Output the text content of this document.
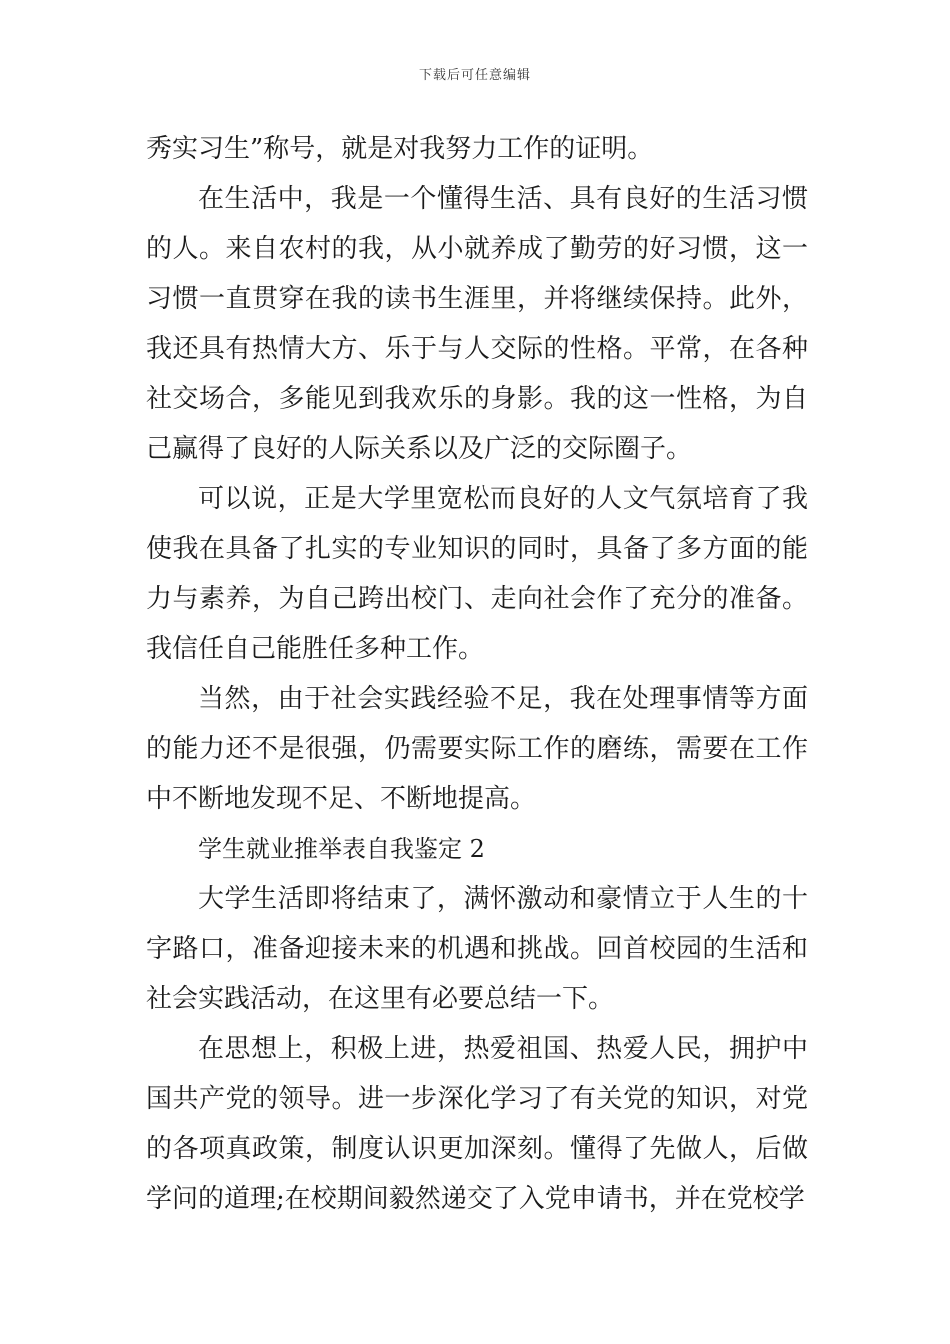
下载后可任意编辑

秀实习生”称号，就是对我努力工作的证明。

在生活中，我是一个懂得生活、具有良好的生活习惯的人。来自农村的我，从小就养成了勤劳的好习惯，这一习惯一直贯穿在我的读书生涯里，并将继续保持。此外，我还具有热情大方、乐于与人交际的性格。平常，在各种社交场合，多能见到我欢乐的身影。我的这一性格，为自己赢得了良好的人际关系以及广泛的交际圈子。

可以说，正是大学里宽松而良好的人文气氛培育了我使我在具备了扎实的专业知识的同时，具备了多方面的能力与素养，为自己跨出校门、走向社会作了充分的准备。我信任自己能胜任多种工作。

当然，由于社会实践经验不足，我在处理事情等方面的能力还不是很强，仍需要实际工作的磨练，需要在工作中不断地发现不足、不断地提高。

学生就业推举表自我鉴定 2

大学生活即将结束了，满怀激动和豪情立于人生的十字路口，准备迎接未来的机遇和挑战。回首校园的生活和社会实践活动，在这里有必要总结一下。

在思想上，积极上进，热爱祖国、热爱人民，拥护中国共产党的领导。进一步深化学习了有关党的知识，对党的各项真政策，制度认识更加深刻。懂得了先做人，后做学问的道理;在校期间毅然递交了入党申请书，并在党校学
